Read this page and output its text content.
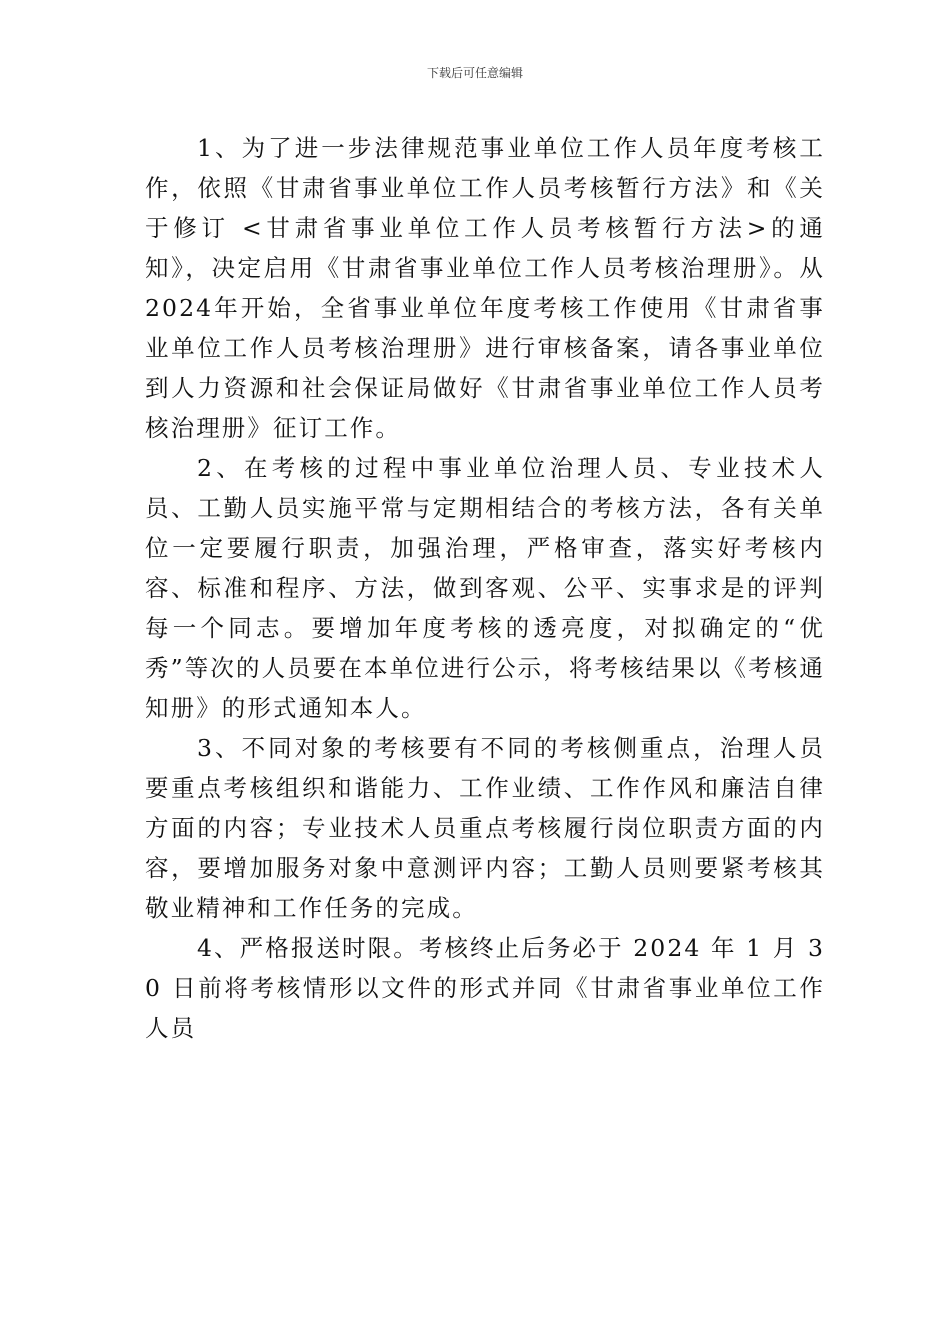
下载后可任意编辑

1、为了进一步法律规范事业单位工作人员年度考核工作，依照《甘肃省事业单位工作人员考核暂行方法》和《关于修订 <甘肃省事业单位工作人员考核暂行方法>的通知》，决定启用《甘肃省事业单位工作人员考核治理册》。从 2024年开始，全省事业单位年度考核工作使用《甘肃省事业单位工作人员考核治理册》进行审核备案，请各事业单位到人力资源和社会保证局做好《甘肃省事业单位工作人员考核治理册》征订工作。

2、在考核的过程中事业单位治理人员、专业技术人员、工勤人员实施平常与定期相结合的考核方法，各有关单位一定要履行职责，加强治理，严格审查，落实好考核内容、标准和程序、方法，做到客观、公平、实事求是的评判每一个同志。要增加年度考核的透亮度，对拟确定的“优秀”等次的人员要在本单位进行公示，将考核结果以《考核通知册》的形式通知本人。

3、不同对象的考核要有不同的考核侧重点，治理人员要重点考核组织和谐能力、工作业绩、工作作风和廉洁自律方面的内容；专业技术人员重点考核履行岗位职责方面的内容，要增加服务对象中意测评内容；工勤人员则要紧考核其敬业精神和工作任务的完成。

4、严格报送时限。考核终止后务必于 2024 年 1 月 30 日前将考核情形以文件的形式并同《甘肃省事业单位工作人员
